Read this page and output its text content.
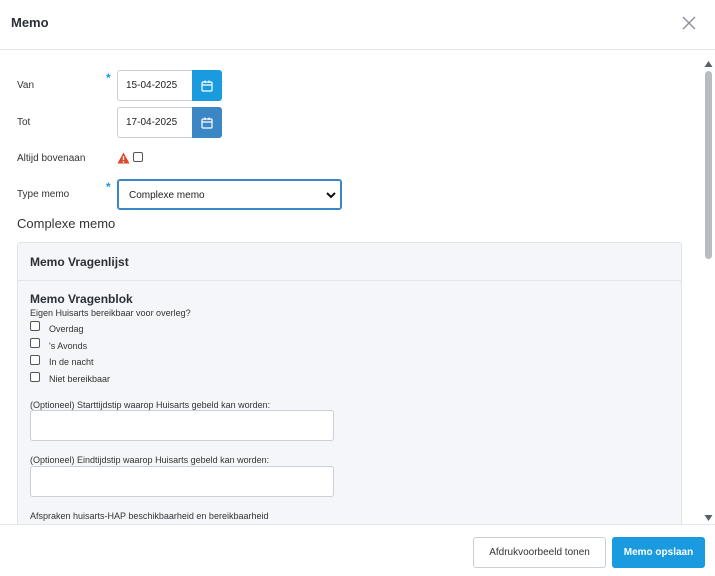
Memo
Van
*
15-04-2025
Tot	17-04-2025
Altijd bovenaan
Type memo
*
Complexe memo
Complexe memo
Memo Vragenlijst
Memo Vragenblok
Eigen Huisarts bereikbaar voor overleg?
Overdag
's Avonds
In de nacht
Niet bereikbaar
(Optioneel) Starttijdstip waarop Huisarts gebeld kan worden:
(Optioneel) Eindtijdstip waarop Huisarts gebeld kan worden:
Afspraken huisarts-HAP beschikbaarheid en bereikbaarheid
Afdrukvoorbeeld tonen	Memo opslaan
